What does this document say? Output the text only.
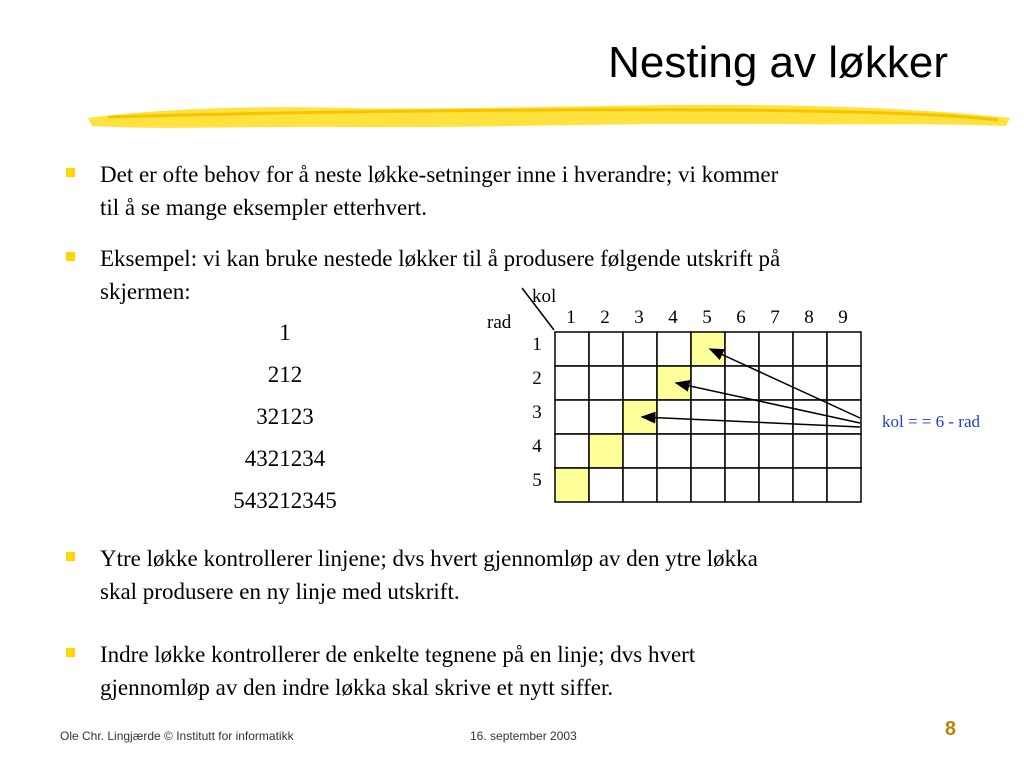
Nesting av løkker
Det er ofte behov for å neste løkke-setninger inne i hverandre; vi kommer
til å se mange eksempler etterhvert.
Eksempel: vi kan bruke nestede løkker til å produsere følgende utskrift på
skjermen:
1
212
32123
4321234
543212345
kol
rad	1 2 3 4 5 6 7 8 9
1
2
3
4
5
kol = = 6 - rad
Ole Chr. Lingjærde © Institutt for informatikk	16. september 2003	8
Ytre løkke kontrollerer linjene; dvs hvert gjennomløp av den ytre løkka
skal produsere en ny linje med utskrift.
Indre løkke kontrollerer de enkelte tegnene på en linje; dvs hvert
gjennomløp av den indre løkka skal skrive et nytt siffer.
